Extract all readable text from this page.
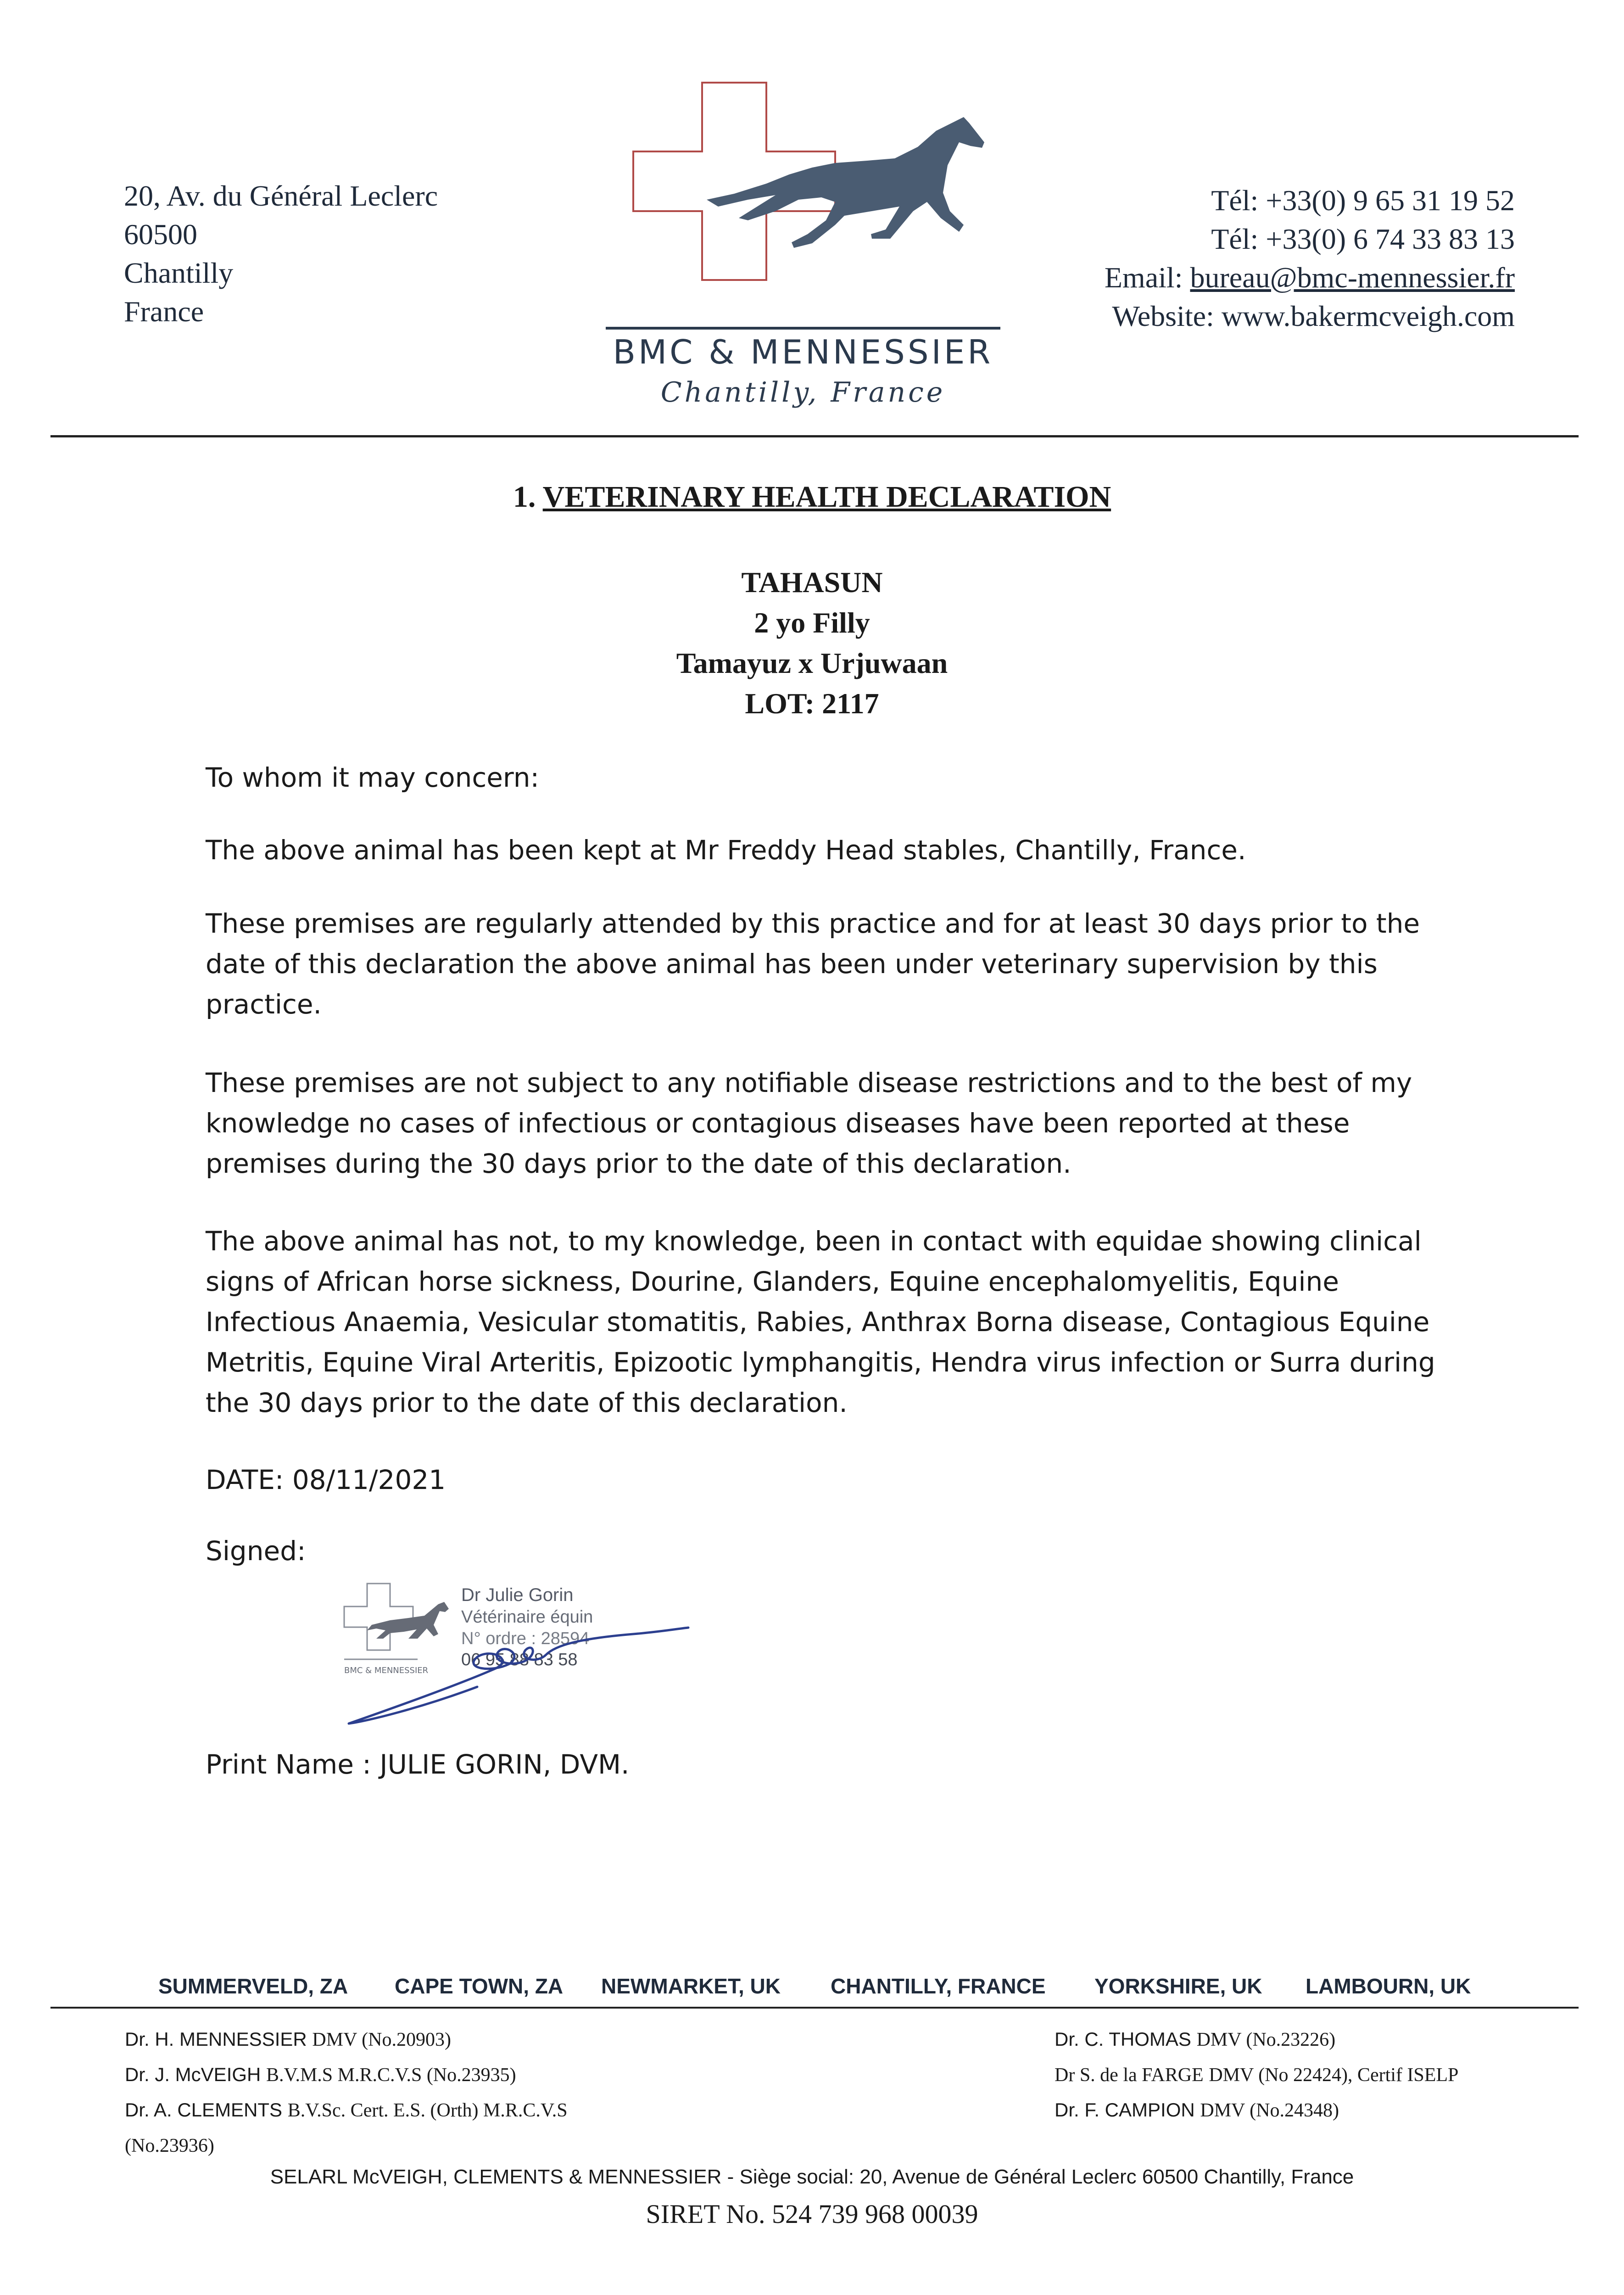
20, Av. du Général Leclerc
60500
Chantilly
France
BMC & MENNESSIER
Chantilly, France
Tél: +33(0) 9 65 31 19 52
Tél: +33(0) 6 74 33 83 13
Email: bureau@bmc-mennessier.fr
Website: www.bakermcveigh.com
1. VETERINARY HEALTH DECLARATION
TAHASUN
2 yo Filly
Tamayuz x Urjuwaan
LOT: 2117
To whom it may concern:
The above animal has been kept at Mr Freddy Head stables, Chantilly, France.
These premises are regularly attended by this practice and for at least 30 days prior to the date of this declaration the above animal has been under veterinary supervision by this practice.
These premises are not subject to any notifiable disease restrictions and to the best of my knowledge no cases of infectious or contagious diseases have been reported at these premises during the 30 days prior to the date of this declaration.
The above animal has not, to my knowledge, been in contact with equidae showing clinical signs of African horse sickness, Dourine, Glanders, Equine encephalomyelitis, Equine Infectious Anaemia, Vesicular stomatitis, Rabies, Anthrax Borna disease, Contagious Equine Metritis, Equine Viral Arteritis, Epizootic lymphangitis, Hendra virus infection or Surra during the 30 days prior to the date of this declaration.
DATE: 08/11/2021
Signed:
BMC & MENNESSIER
Dr Julie Gorin
Vétérinaire équin
N° ordre : 28594
06 95 88 83 58
Print Name : JULIE GORIN, DVM.
SUMMERVELD, ZA CAPE TOWN, ZA NEWMARKET, UK CHANTILLY, FRANCE YORKSHIRE, UK LAMBOURN, UK
Dr. H. MENNESSIER DMV (No.20903)
Dr. J. McVEIGH B.V.M.S M.R.C.V.S (No.23935)
Dr. A. CLEMENTS B.V.Sc. Cert. E.S. (Orth) M.R.C.V.S
(No.23936)
Dr. C. THOMAS DMV (No.23226)
Dr S. de la FARGE DMV (No 22424), Certif ISELP
Dr. F. CAMPION DMV (No.24348)
SELARL McVEIGH, CLEMENTS & MENNESSIER - Siège social: 20, Avenue de Général Leclerc 60500 Chantilly, France
SIRET No. 524 739 968 00039
